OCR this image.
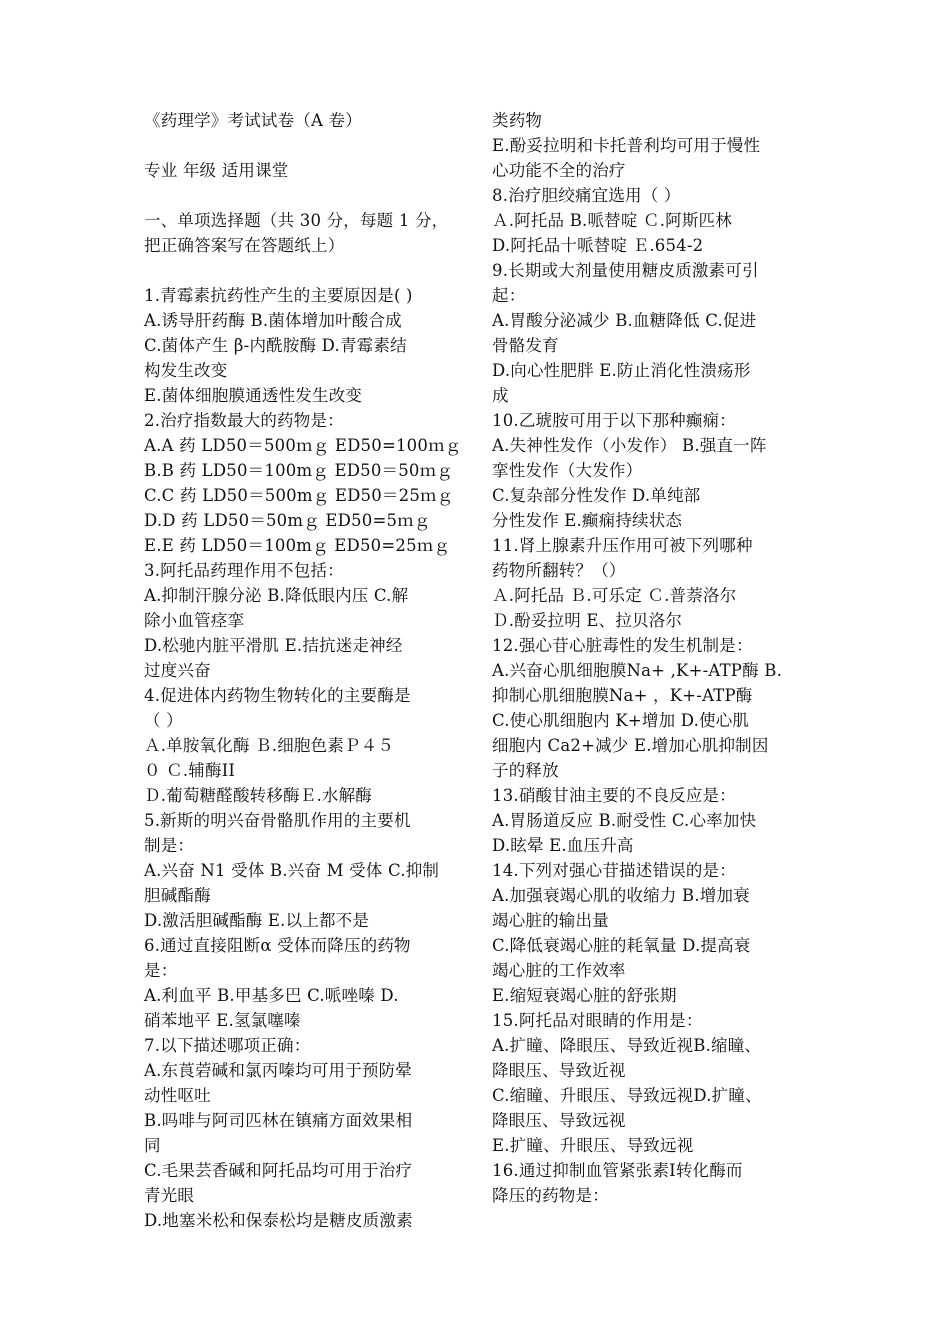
《药理学》考试试卷（A 卷）
专业 年级 适用课堂
一、单项选择题（共 30 分，每题 1 分，
把正确答案写在答题纸上）
1.青霉素抗药性产生的主要原因是( )
A.诱导肝药酶 B.菌体增加叶酸合成
C.菌体产生 β-内酰胺酶 D.青霉素结
构发生改变
E.菌体细胞膜通透性发生改变
2.治疗指数最大的药物是：
A.A 药 LD50＝500ｍｇ ED50=100ｍｇ
B.B 药 LD50＝100mｇ ED50＝50ｍｇ
C.C 药 LD50＝500mｇ ED50＝25ｍｇ
D.D 药 LD50＝50mｇ ED50=5ｍｇ
E.E 药 LD50＝100mｇ ED50=25ｍｇ
3.阿托品药理作用不包括：
A.抑制汗腺分泌 B.降低眼内压 C.解
除小血管痉挛
D.松驰内脏平滑肌 E.拮抗迷走神经
过度兴奋
4.促进体内药物生物转化的主要酶是
（ ）
Ａ.单胺氧化酶 Ｂ.细胞色素Ｐ４５
０ Ｃ.辅酶II
Ｄ.葡萄糖醛酸转移酶Ｅ.水解酶
5.新斯的明兴奋骨骼肌作用的主要机
制是：
A.兴奋 N1 受体 B.兴奋 M 受体 C.抑制
胆碱酯酶
D.激活胆碱酯酶 E.以上都不是
6.通过直接阻断α 受体而降压的药物
是：
A.利血平 B.甲基多巴 C.哌唑嗪 D.
硝苯地平 E.氢氯噻嗪
7.以下描述哪项正确：
A.东莨菪碱和氯丙嗪均可用于预防晕
动性呕吐
B.吗啡与阿司匹林在镇痛方面效果相
同
C.毛果芸香碱和阿托品均可用于治疗
青光眼
D.地塞米松和保泰松均是糖皮质激素
类药物
E.酚妥拉明和卡托普利均可用于慢性
心功能不全的治疗
8.治疗胆绞痛宜选用（ ）
Ａ.阿托品 B.哌替啶 Ｃ.阿斯匹林
D.阿托品十哌替啶 Ｅ.654-2
9.长期或大剂量使用糖皮质激素可引
起：
A.胃酸分泌减少 B.血糖降低 C.促进
骨骼发育
D.向心性肥胖 E.防止消化性溃疡形
成
10.乙琥胺可用于以下那种癫痫：
A.失神性发作（小发作） B.强直一阵
挛性发作（大发作）
C.复杂部分性发作 D.单纯部
分性发作 E.癫痫持续状态
11.肾上腺素升压作用可被下列哪种
药物所翻转？（）
Ａ.阿托品 Ｂ.可乐定 Ｃ.普萘洛尔
Ｄ.酚妥拉明 E、拉贝洛尔
12.强心苷心脏毒性的发生机制是：
A.兴奋心肌细胞膜Na+ ,K+-ATP酶 B.
抑制心肌细胞膜Na+ ，K+-ATP酶
C.使心肌细胞内 K+增加 D.使心肌
细胞内 Ca2+减少 E.增加心肌抑制因
子的释放
13.硝酸甘油主要的不良反应是：
A.胃肠道反应 B.耐受性 C.心率加快
D.眩晕 E.血压升高
14.下列对强心苷描述错误的是：
A.加强衰竭心肌的收缩力 B.增加衰
竭心脏的输出量
C.降低衰竭心脏的耗氧量 D.提高衰
竭心脏的工作效率
E.缩短衰竭心脏的舒张期
15.阿托品对眼睛的作用是：
A.扩瞳、降眼压、导致近视B.缩瞳、
降眼压、导致近视
C.缩瞳、升眼压、导致远视D.扩瞳、
降眼压、导致远视
E.扩瞳、升眼压、导致远视
16.通过抑制血管紧张素Ⅰ转化酶而
降压的药物是：
